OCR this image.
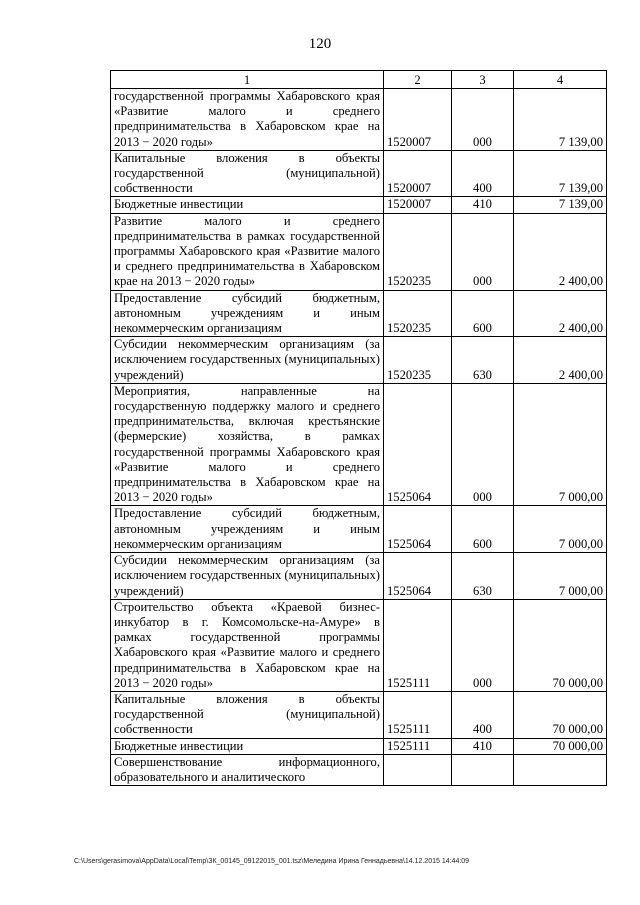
120
1	2	3	4
государственной программы Хабаровского края «Развитие малого и среднего предпринимательства в Хабаровском крае на 2013 − 2020 годы»	1520007	000	7 139,00
Капитальные вложения в объекты государственной (муниципальной) собственности	1520007	400	7 139,00
Бюджетные инвестиции	1520007	410	7 139,00
Развитие малого и среднего предпринимательства в рамках государственной программы Хабаровского края «Развитие малого и среднего предпринимательства в Хабаровском крае на 2013 − 2020 годы»	1520235	000	2 400,00
Предоставление субсидий бюджетным, автономным учреждениям и иным некоммерческим организациям	1520235	600	2 400,00
Субсидии некоммерческим организациям (за исключением государственных (муниципальных) учреждений)	1520235	630	2 400,00
Мероприятия, направленные на государственную поддержку малого и среднего предпринимательства, включая крестьянские (фермерские) хозяйства, в рамках государственной программы Хабаровского края «Развитие малого и среднего предпринимательства в Хабаровском крае на 2013 − 2020 годы»	1525064	000	7 000,00
Предоставление субсидий бюджетным, автономным учреждениям и иным некоммерческим организациям	1525064	600	7 000,00
Субсидии некоммерческим организациям (за исключением государственных (муниципальных) учреждений)	1525064	630	7 000,00
Строительство объекта «Краевой бизнес-инкубатор в г. Комсомольске-на-Амуре» в рамках государственной программы Хабаровского края «Развитие малого и среднего предпринимательства в Хабаровском крае на 2013 − 2020 годы»	1525111	000	70 000,00
Капитальные вложения в объекты государственной (муниципальной) собственности	1525111	400	70 000,00
Бюджетные инвестиции	1525111	410	70 000,00
Совершенствование информационного, образовательного и аналитического			
C:\Users\gerasimova\AppData\Local\Temp\ЗК_00145_09122015_001.tsz\Меледина Ирина Геннадьевна\14.12.2015 14:44:09
